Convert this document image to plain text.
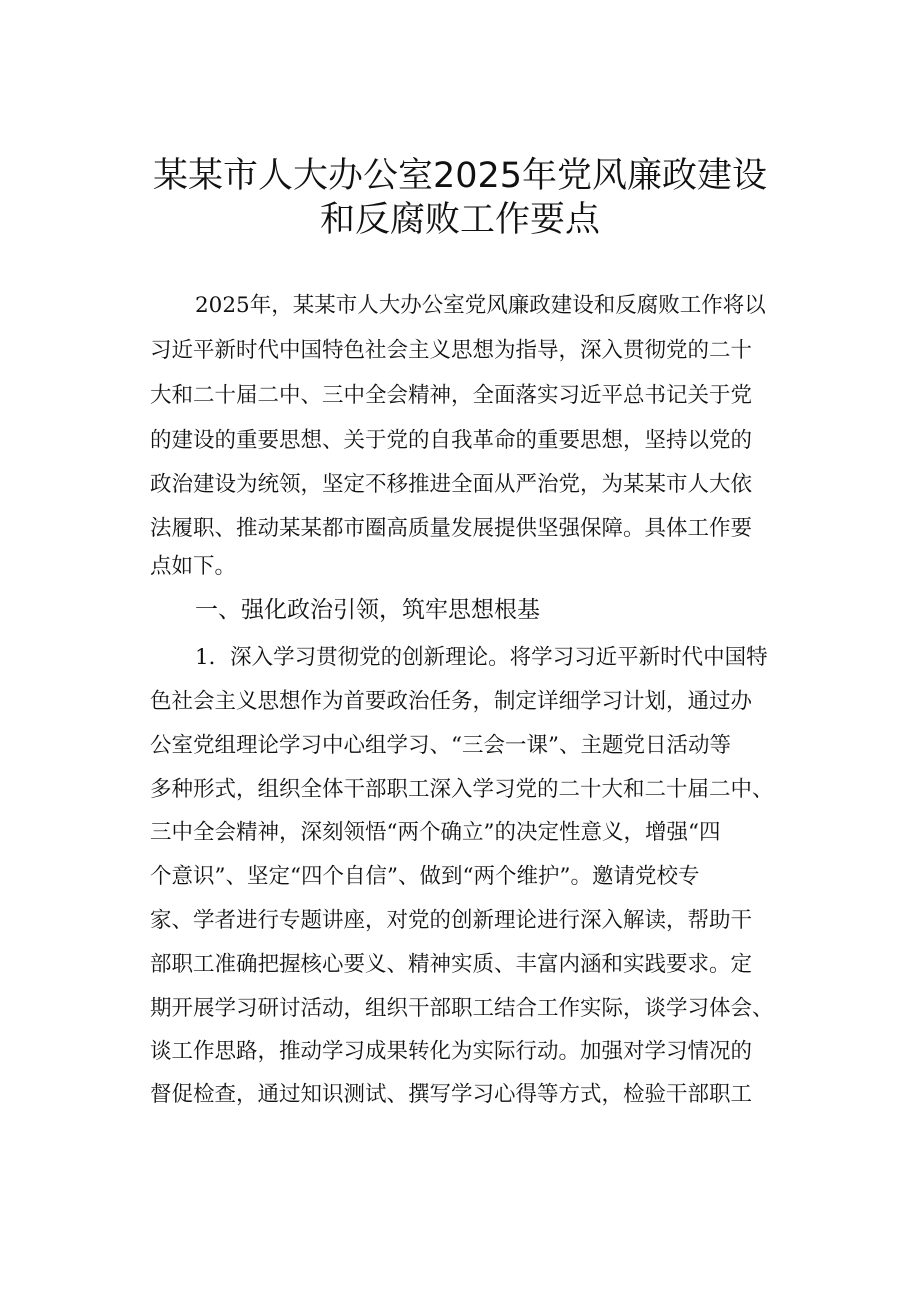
某某市人大办公室2025年党风廉政建设
和反腐败工作要点
2025年，某某市人大办公室党风廉政建设和反腐败工作将以
习近平新时代中国特色社会主义思想为指导，深入贯彻党的二十
大和二十届二中、三中全会精神，全面落实习近平总书记关于党
的建设的重要思想、关于党的自我革命的重要思想，坚持以党的
政治建设为统领，坚定不移推进全面从严治党，为某某市人大依
法履职、推动某某都市圈高质量发展提供坚强保障。具体工作要
点如下。
一、强化政治引领，筑牢思想根基
1．深入学习贯彻党的创新理论。将学习习近平新时代中国特
色社会主义思想作为首要政治任务，制定详细学习计划，通过办
公室党组理论学习中心组学习、“三会一课”、主题党日活动等
多种形式，组织全体干部职工深入学习党的二十大和二十届二中、
三中全会精神，深刻领悟“两个确立”的决定性意义，增强“四
个意识”、坚定“四个自信”、做到“两个维护”。邀请党校专
家、学者进行专题讲座，对党的创新理论进行深入解读，帮助干
部职工准确把握核心要义、精神实质、丰富内涵和实践要求。定
期开展学习研讨活动，组织干部职工结合工作实际，谈学习体会、
谈工作思路，推动学习成果转化为实际行动。加强对学习情况的
督促检查，通过知识测试、撰写学习心得等方式，检验干部职工
